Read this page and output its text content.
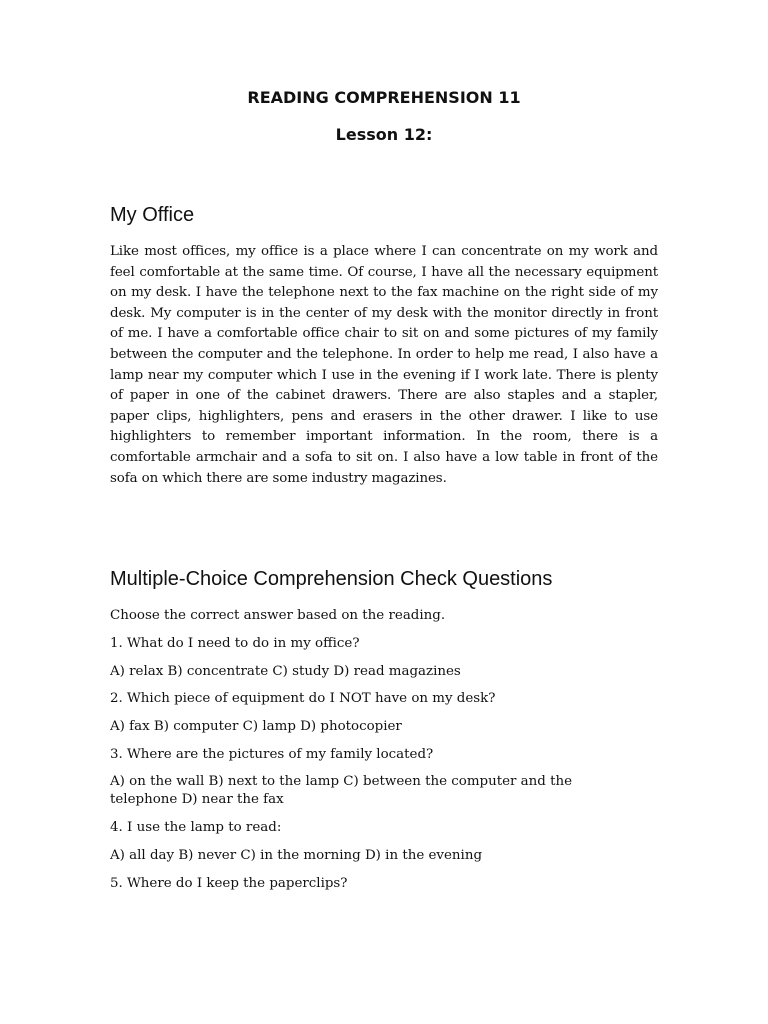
READING COMPREHENSION 11
Lesson 12:
My Office

Like most offices, my office is a place where I can concentrate on my work and feel comfortable at the same time. Of course, I have all the necessary equipment on my desk. I have the telephone next to the fax machine on the right side of my desk. My computer is in the center of my desk with the monitor directly in front of me. I have a comfortable office chair to sit on and some pictures of my family between the computer and the telephone. In order to help me read, I also have a lamp near my computer which I use in the evening if I work late. There is plenty of paper in one of the cabinet drawers. There are also staples and a stapler, paper clips, highlighters, pens and erasers in the other drawer. I like to use highlighters to remember important information. In the room, there is a comfortable armchair and a sofa to sit on. I also have a low table in front of the sofa on which there are some industry magazines.

Multiple-Choice Comprehension Check Questions

Choose the correct answer based on the reading.

1. What do I need to do in my office?

A) relax B) concentrate C) study D) read magazines

2. Which piece of equipment do I NOT have on my desk?

A) fax B) computer C) lamp D) photocopier

3. Where are the pictures of my family located?

A) on the wall B) next to the lamp C) between the computer and the telephone D) near the fax

4. I use the lamp to read:

A) all day B) never C) in the morning D) in the evening

5. Where do I keep the paperclips?
